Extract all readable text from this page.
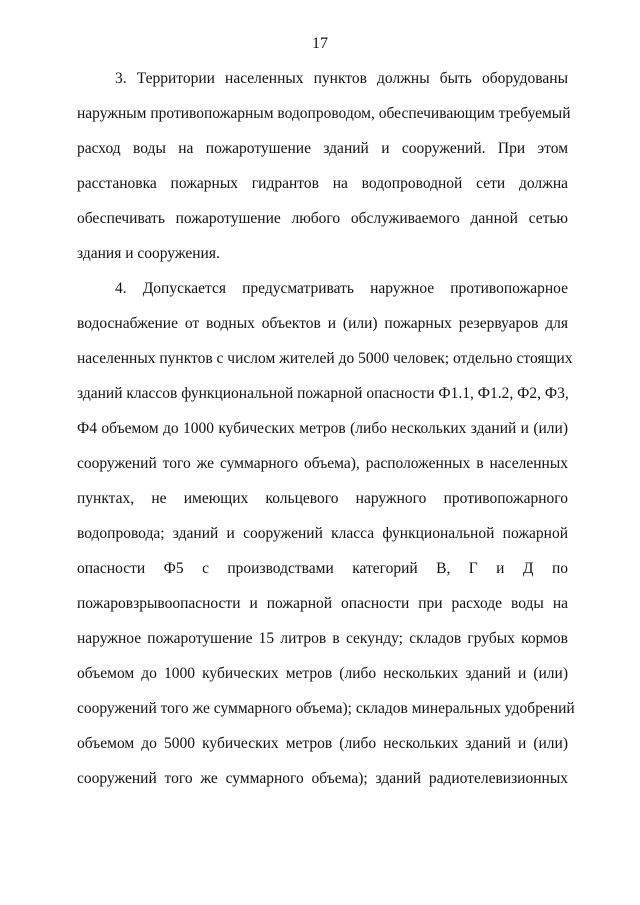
17
3. Территории населенных пунктов должны быть оборудованы
наружным противопожарным водопроводом, обеспечивающим требуемый
расход воды на пожаротушение зданий и сооружений. При этом
расстановка пожарных гидрантов на водопроводной сети должна
обеспечивать пожаротушение любого обслуживаемого данной сетью
здания и сооружения.
4. Допускается предусматривать наружное противопожарное
водоснабжение от водных объектов и (или) пожарных резервуаров для
населенных пунктов с числом жителей до 5000 человек; отдельно стоящих
зданий классов функциональной пожарной опасности Ф1.1, Ф1.2, Ф2, Ф3,
Ф4 объемом до 1000 кубических метров (либо нескольких зданий и (или)
сооружений того же суммарного объема), расположенных в населенных
пунктах, не имеющих кольцевого наружного противопожарного
водопровода; зданий и сооружений класса функциональной пожарной
опасности Ф5 с производствами категорий В, Г и Д по
пожаровзрывоопасности и пожарной опасности при расходе воды на
наружное пожаротушение 15 литров в секунду; складов грубых кормов
объемом до 1000 кубических метров (либо нескольких зданий и (или)
сооружений того же суммарного объема); складов минеральных удобрений
объемом до 5000 кубических метров (либо нескольких зданий и (или)
сооружений того же суммарного объема); зданий радиотелевизионных
